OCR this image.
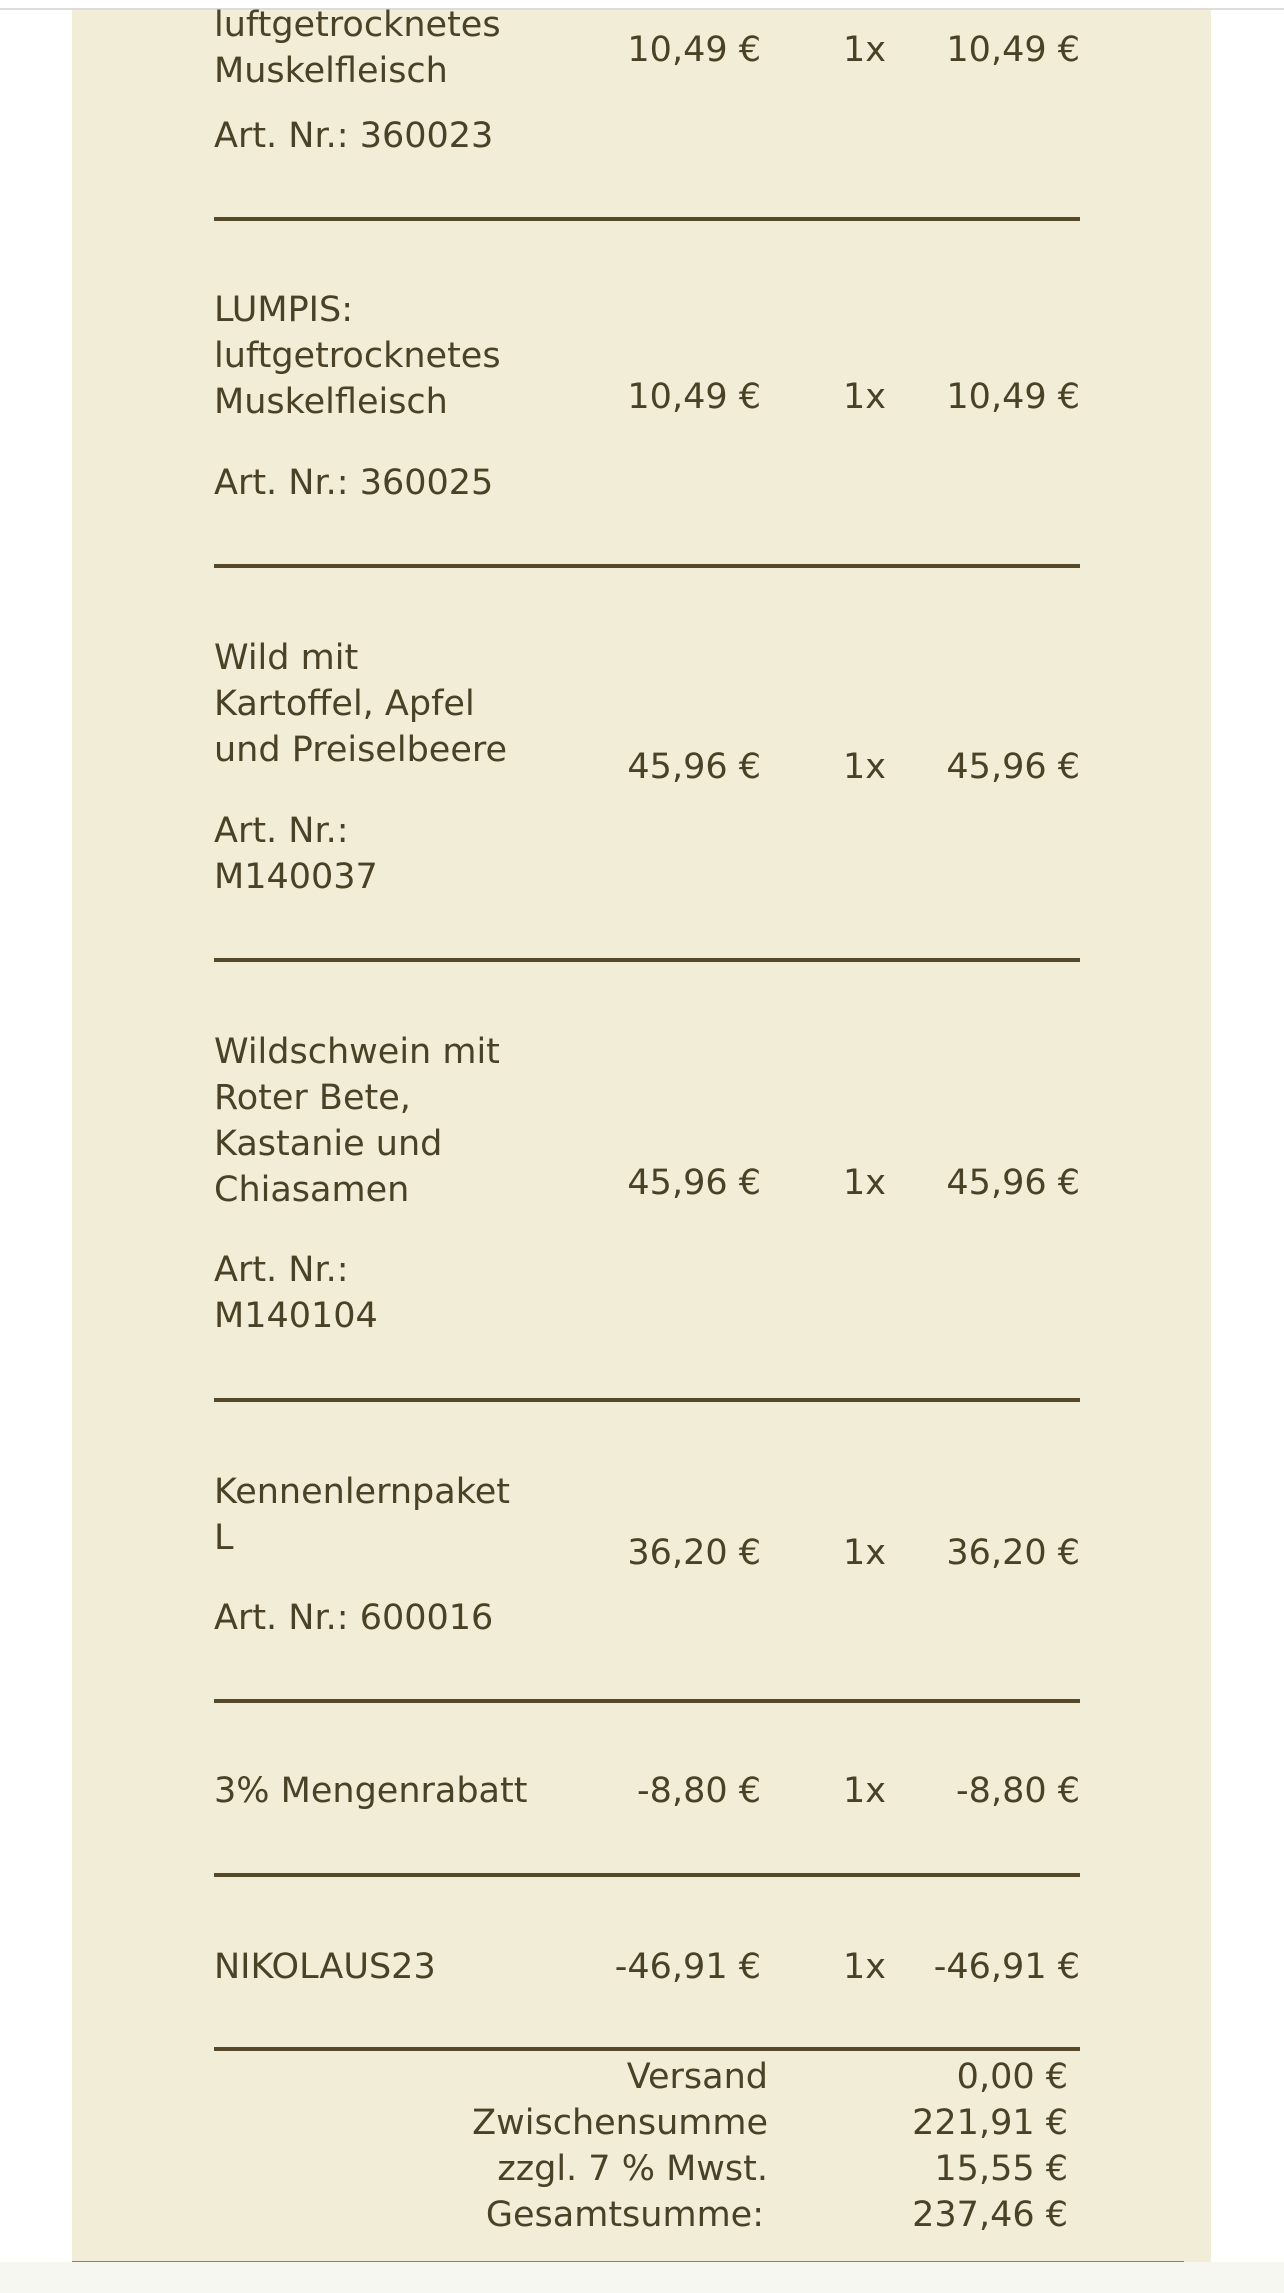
luftgetrocknetes
Muskelfleisch
Art. Nr.: 360023
10,49 €	1x	10,49 €
LUMPIS:
luftgetrocknetes
Muskelfleisch
Art. Nr.: 360025
10,49 €	1x	10,49 €
Wild mit
Kartoffel, Apfel
und Preiselbeere
Art. Nr.:
M140037
45,96 €	1x	45,96 €
Wildschwein mit
Roter Bete,
Kastanie und
Chiasamen
Art. Nr.:
M140104
45,96 €	1x	45,96 €
Kennenlernpaket
L
Art. Nr.: 600016
36,20 €	1x	36,20 €
3% Mengenrabatt	-8,80 €	1x	-8,80 €
NIKOLAUS23	-46,91 €	1x	-46,91 €
Versand	0,00 €
Zwischensumme	221,91 €
zzgl. 7 % Mwst.	15,55 €
Gesamtsumme:	237,46 €
